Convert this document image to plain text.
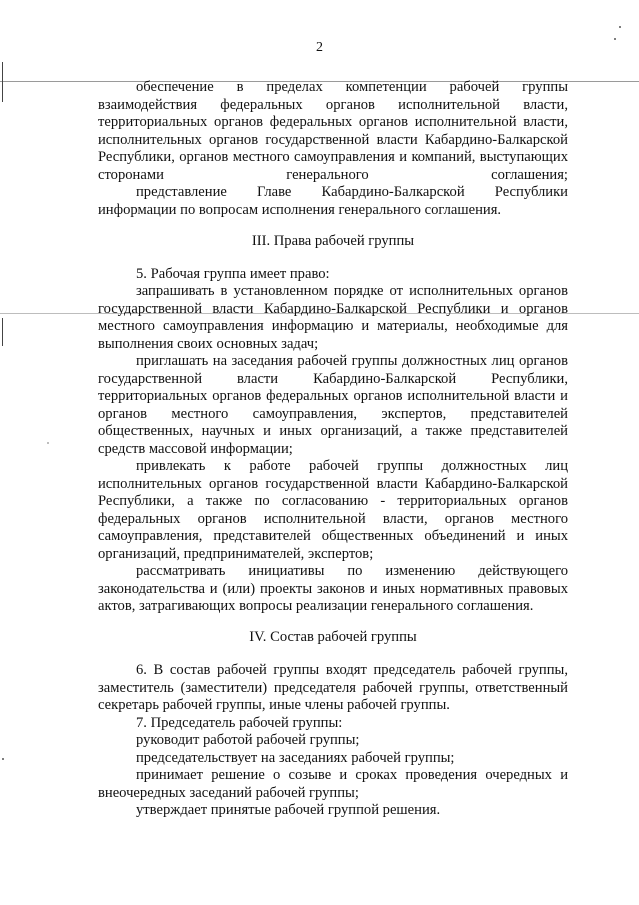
2

обеспечение в пределах компетенции рабочей группы взаимодействия федеральных органов исполнительной власти, территориальных органов федеральных органов исполнительной власти, исполнительных органов государственной власти Кабардино-Балкарской Республики, органов местного самоуправления и компаний, выступающих сторонами генерального соглашения;

представление Главе Кабардино-Балкарской Республики информации по вопросам исполнения генерального соглашения.

III. Права рабочей группы

5. Рабочая группа имеет право:

запрашивать в установленном порядке от исполнительных органов государственной власти Кабардино-Балкарской Республики и органов местного самоуправления информацию и материалы, необходимые для выполнения своих основных задач;

приглашать на заседания рабочей группы должностных лиц органов государственной власти Кабардино-Балкарской Республики, территориальных органов федеральных органов исполнительной власти и органов местного самоуправления, экспертов, представителей общественных, научных и иных организаций, а также представителей средств массовой информации;

привлекать к работе рабочей группы должностных лиц исполнительных органов государственной власти Кабардино-Балкарской Республики, а также по согласованию - территориальных органов федеральных органов исполнительной власти, органов местного самоуправления, представителей общественных объединений и иных организаций, предпринимателей, экспертов;

рассматривать инициативы по изменению действующего законодательства и (или) проекты законов и иных нормативных правовых актов, затрагивающих вопросы реализации генерального соглашения.

IV. Состав рабочей группы

6. В состав рабочей группы входят председатель рабочей группы, заместитель (заместители) председателя рабочей группы, ответственный секретарь рабочей группы, иные члены рабочей группы.

7. Председатель рабочей группы:

руководит работой рабочей группы;

председательствует на заседаниях рабочей группы;

принимает решение о созыве и сроках проведения очередных и внеочередных заседаний рабочей группы;

утверждает принятые рабочей группой решения.
